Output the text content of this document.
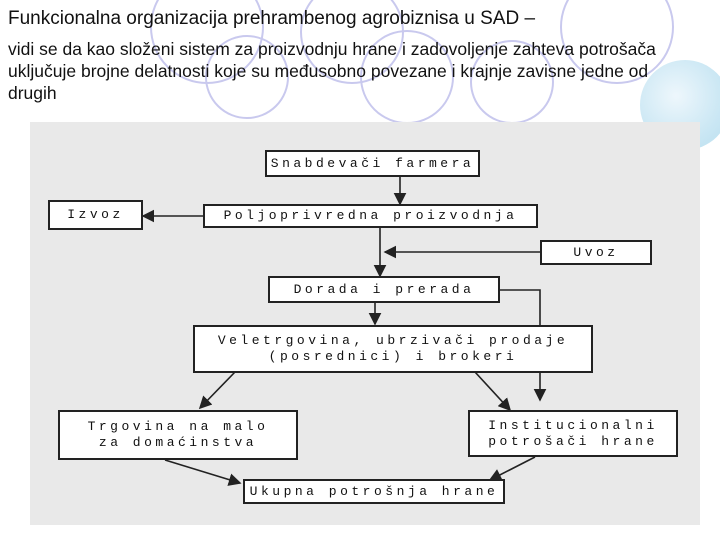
Funkcionalna organizacija prehrambenog agrobiznisa u SAD –
vidi se da kao složeni sistem za proizvodnju hrane i zadovoljenje zahteva potrošača uključuje brojne delatnosti koje su međusobno povezane i krajnje zavisne jedne od drugih
Snabdevači farmera
Izvoz	Poljoprivredna proizvodnja
Uvoz
Dorada i prerada
Veletrgovina, ubrzivači prodaje
(posrednici) i brokeri
Trgovina na malo
za domaćinstva
Institucionalni
potrošači hrane
Ukupna potrošnja hrane
